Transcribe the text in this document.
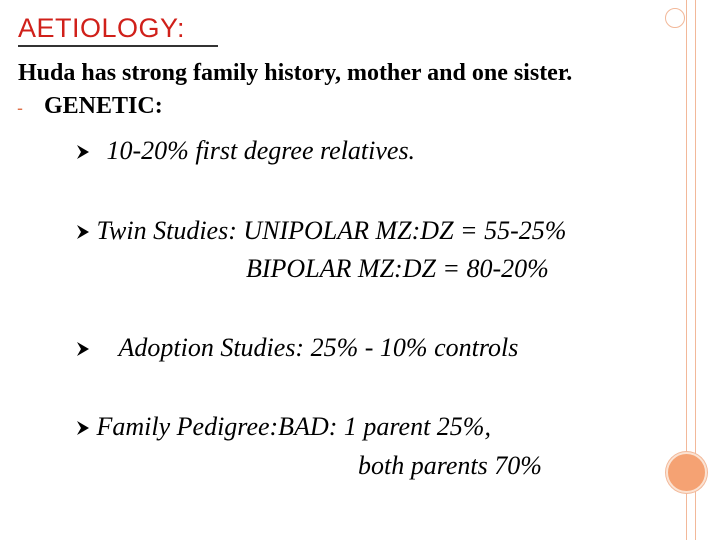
AETIOLOGY:
Huda has strong family history, mother and one sister.
- GENETIC:
10-20% first degree relatives.
Twin Studies: UNIPOLAR MZ:DZ = 55-25%
BIPOLAR MZ:DZ = 80-20%
Adoption Studies: 25% - 10% controls
Family Pedigree:BAD: 1 parent 25%,
both parents 70%
